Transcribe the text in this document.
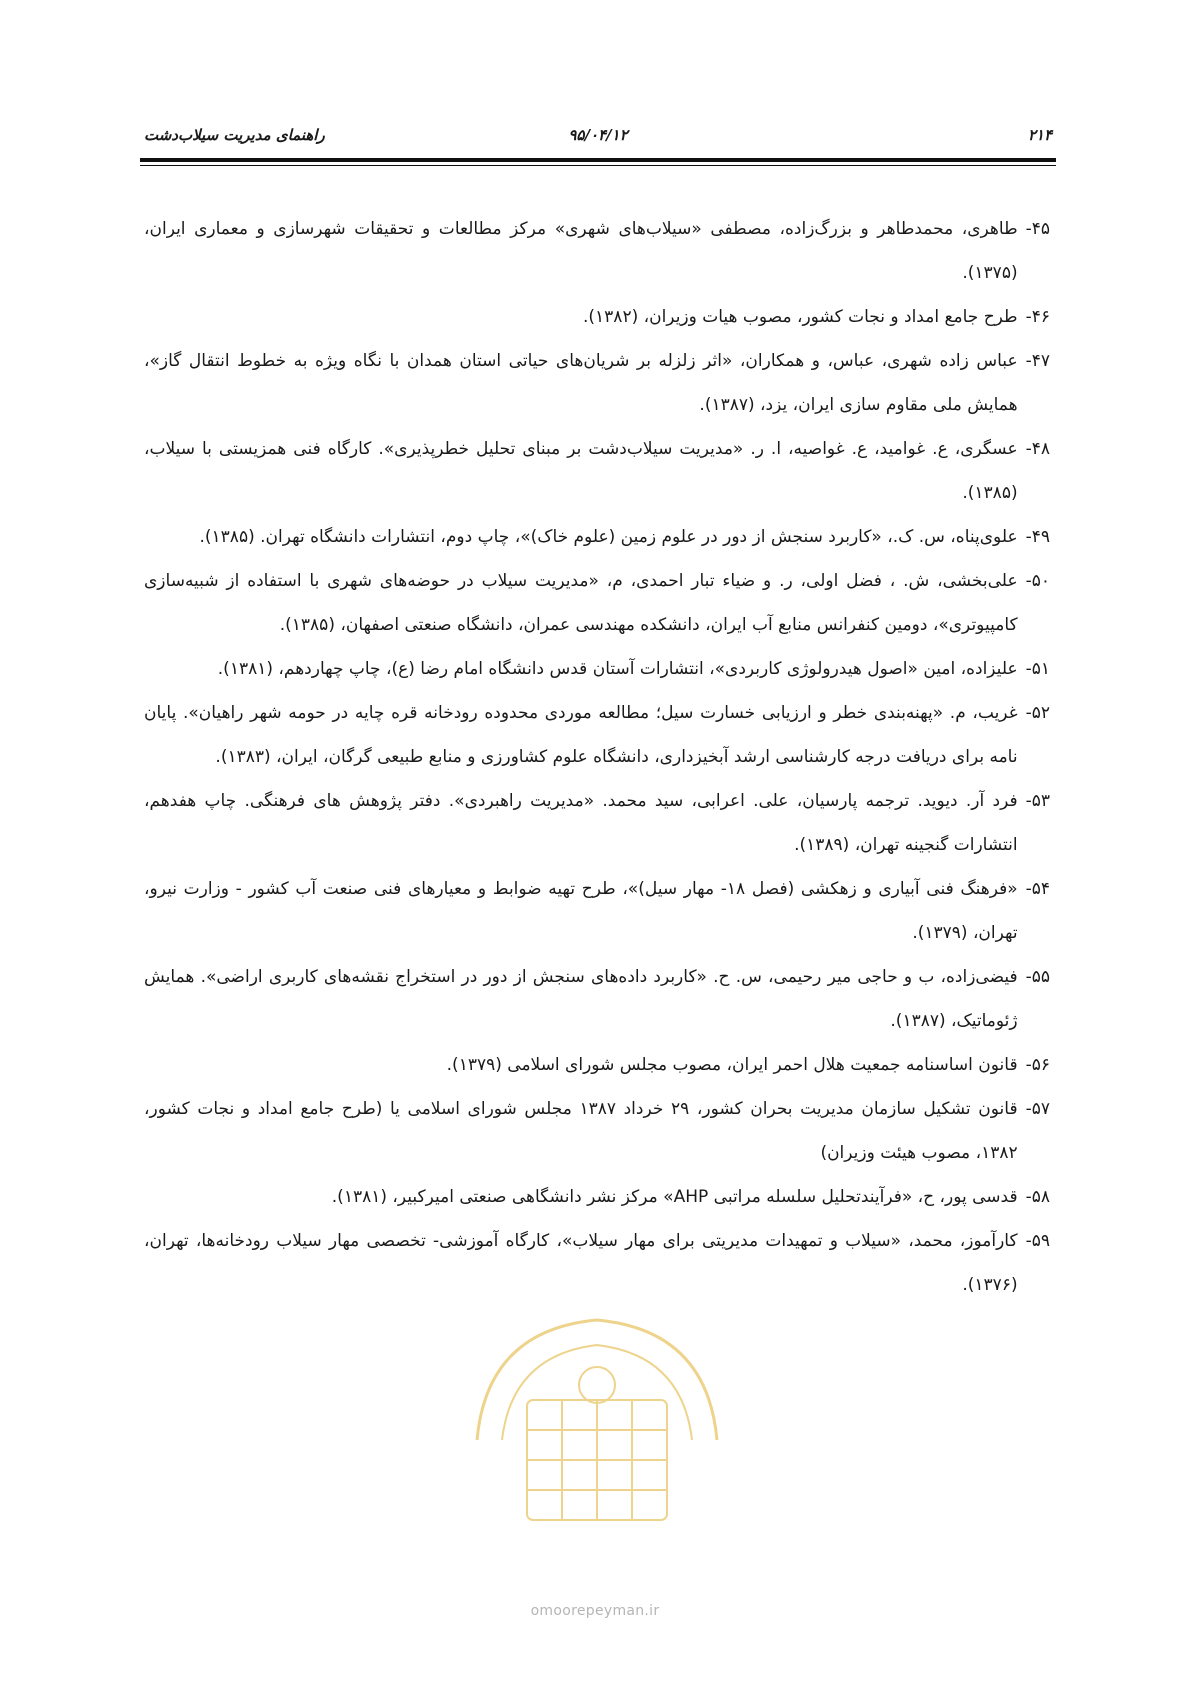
۲۱۴
۹۵/۰۴/۱۲
راهنمای مدیریت سیلاب‌دشت
۴۵-
طاهری، محمدطاهر و بزرگ‌زاده، مصطفی «سیلاب‌های شهری» مرکز مطالعات و تحقیقات شهرسازی و معماری ایران، (۱۳۷۵).
۴۶-
طرح جامع امداد و نجات کشور، مصوب هیات وزیران، (۱۳۸۲).
۴۷-
عباس زاده شهری، عباس، و همکاران، «اثر زلزله بر شریان‌های حیاتی استان همدان با نگاه ویژه به خطوط انتقال گاز»، همایش ملی مقاوم سازی ایران، یزد، (۱۳۸۷).
۴۸-
عسگری، ع. غوامید، ع. غواصیه، ا. ر. «مدیریت سیلاب‌دشت بر مبنای تحلیل خطرپذیری». کارگاه فنی همزیستی با سیلاب، (۱۳۸۵).
۴۹-
علوی‌پناه، س. ک.، «کاربرد سنجش از دور در علوم زمین (علوم خاک)»، چاپ دوم، انتشارات دانشگاه تهران. (۱۳۸۵).
۵۰-
علی‌بخشی، ش. ، فضل اولی، ر. و ضیاء تبار احمدی، م، «مدیریت سیلاب در حوضه‌های شهری با استفاده از شبیه‌سازی کامپیوتری»، دومین کنفرانس منابع آب ایران، دانشکده مهندسی عمران، دانشگاه صنعتی اصفهان، (۱۳۸۵).
۵۱-
علیزاده، امین «اصول هیدرولوژی کاربردی»، انتشارات آستان قدس دانشگاه امام رضا (ع)، چاپ چهاردهم، (۱۳۸۱).
۵۲-
غریب، م. «پهنه‌بندی خطر و ارزیابی خسارت سیل؛ مطالعه موردی محدوده رودخانه قره چایه در حومه شهر راهیان». پایان نامه برای دریافت درجه کارشناسی ارشد آبخیزداری، دانشگاه علوم کشاورزی و منابع طبیعی گرگان، ایران، (۱۳۸۳).
۵۳-
فرد آر. دیوید. ترجمه پارسیان، علی. اعرابی، سید محمد. «مدیریت راهبردی». دفتر پژوهش های فرهنگی. چاپ هفدهم، انتشارات گنجینه تهران، (۱۳۸۹).
۵۴-
«فرهنگ فنی آبیاری و زهکشی (فصل ۱۸- مهار سیل)»، طرح تهیه ضوابط و معیارهای فنی صنعت آب کشور - وزارت نیرو، تهران، (۱۳۷۹).
۵۵-
فیضی‌زاده، ب و حاجی میر رحیمی، س. ح. «کاربرد داده‌های سنجش از دور در استخراج نقشه‌های کاربری اراضی». همایش ژئوماتیک، (۱۳۸۷).
۵۶-
قانون اساسنامه جمعیت هلال احمر ایران، مصوب مجلس شورای اسلامی (۱۳۷۹).
۵۷-
قانون تشکیل سازمان مدیریت بحران کشور، ۲۹ خرداد ۱۳۸۷ مجلس شورای اسلامی یا (طرح جامع امداد و نجات کشور، ۱۳۸۲، مصوب هیئت وزیران)
۵۸-
قدسی پور، ح، «فرآیندتحلیل سلسله مراتبی AHP» مرکز نشر دانشگاهی صنعتی امیرکبیر، (۱۳۸۱).
۵۹-
کارآموز، محمد، «سیلاب و تمهیدات مدیریتی برای مهار سیلاب»، کارگاه آموزشی- تخصصی مهار سیلاب رودخانه‌ها، تهران، (۱۳۷۶).
omoorepeyman.ir
